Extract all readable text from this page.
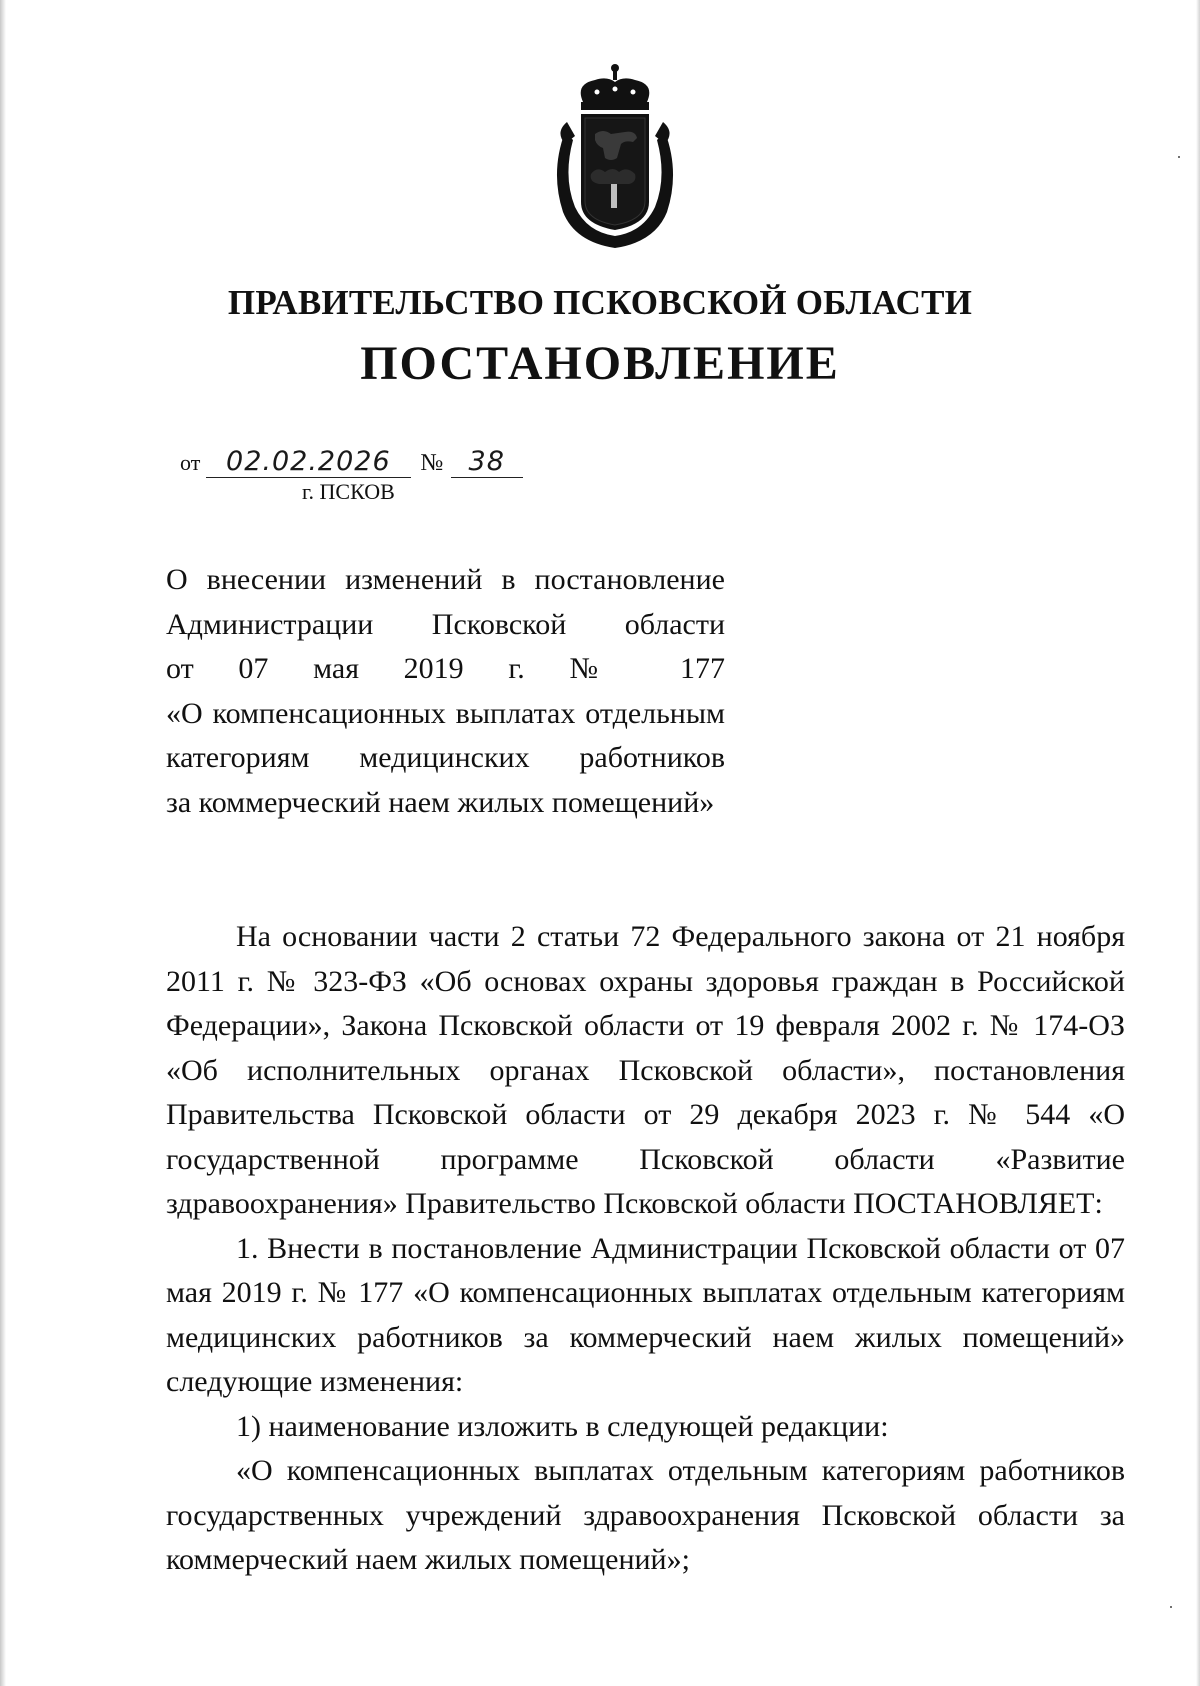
ПРАВИТЕЛЬСТВО ПСКОВСКОЙ ОБЛАСТИ
ПОСТАНОВЛЕНИЕ
от 02.02.2026 № 38
г. ПСКОВ

О внесении изменений в постановление

Администрации Псковской области

от 07 мая 2019 г. № 177

«О компенсационных выплатах отдельным

категориям медицинских работников

за коммерческий наем жилых помещений»

На основании части 2 статьи 72 Федерального закона от 21 ноября 2011 г. № 323-ФЗ «Об основах охраны здоровья граждан в Российской Федерации», Закона Псковской области от 19 февраля 2002 г. № 174-ОЗ «Об исполнительных органах Псковской области», постановления Правительства Псковской области от 29 декабря 2023 г. № 544 «О государственной программе Псковской области «Развитие здравоохранения» Правительство Псковской области ПОСТАНОВЛЯЕТ:

1. Внести в постановление Администрации Псковской области от 07 мая 2019 г. № 177 «О компенсационных выплатах отдельным категориям медицинских работников за коммерческий наем жилых помещений» следующие изменения:

1) наименование изложить в следующей редакции:

«О компенсационных выплатах отдельным категориям работников государственных учреждений здравоохранения Псковской области за коммерческий наем жилых помещений»;
